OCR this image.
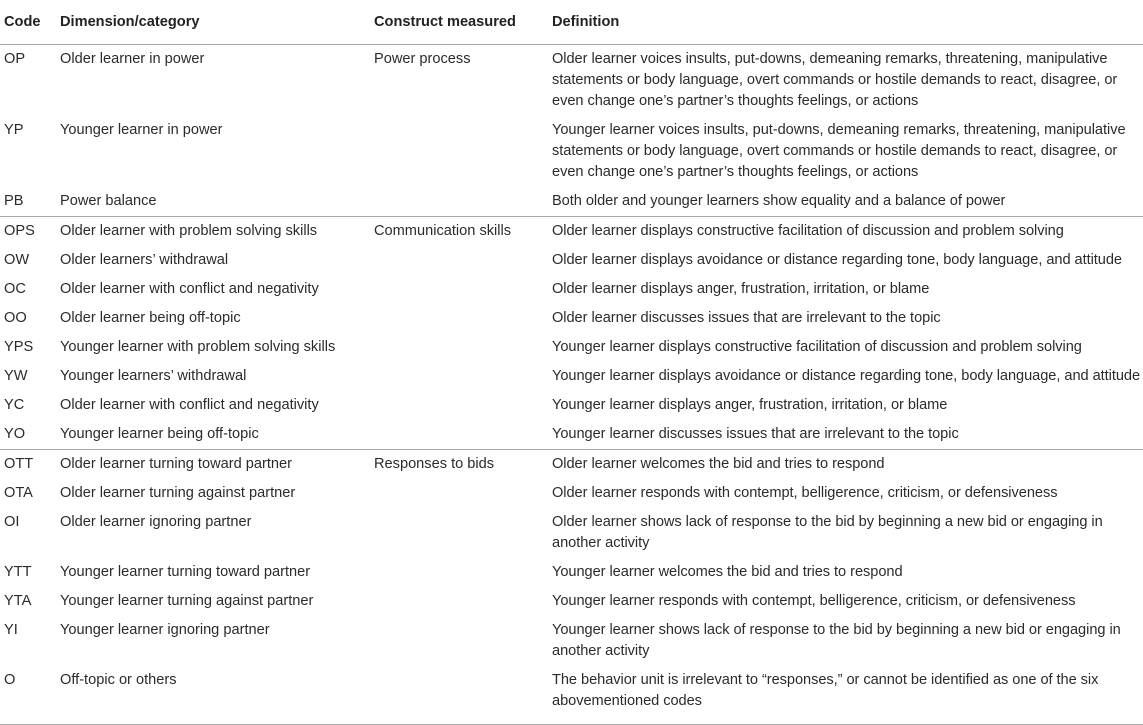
Code	Dimension/category	Construct measured	Definition
OP	Older learner in power	Power process	Older learner voices insults, put-downs, demeaning remarks, threatening, manipulative statements or body language, overt commands or hostile demands to react, disagree, or even change one’s partner’s thoughts feelings, or actions

YP	Younger learner in power		Younger learner voices insults, put-downs, demeaning remarks, threatening, manipulative statements or body language, overt commands or hostile demands to react, disagree, or even change one’s partner’s thoughts feelings, or actions

PB	Power balance		Both older and younger learners show equality and a balance of power

OPS	Older learner with problem solving skills	Communication skills	Older learner displays constructive facilitation of discussion and problem solving

OW	Older learners’ withdrawal		Older learner displays avoidance or distance regarding tone, body language, and attitude

OC	Older learner with conflict and negativity		Older learner displays anger, frustration, irritation, or blame

OO	Older learner being off-topic		Older learner discusses issues that are irrelevant to the topic

YPS	Younger learner with problem solving skills		Younger learner displays constructive facilitation of discussion and problem solving

YW	Younger learners’ withdrawal		Younger learner displays avoidance or distance regarding tone, body language, and attitude

YC	Older learner with conflict and negativity		Younger learner displays anger, frustration, irritation, or blame

YO	Younger learner being off-topic		Younger learner discusses issues that are irrelevant to the topic

OTT	Older learner turning toward partner	Responses to bids	Older learner welcomes the bid and tries to respond

OTA	Older learner turning against partner		Older learner responds with contempt, belligerence, criticism, or defensiveness

OI	Older learner ignoring partner		Older learner shows lack of response to the bid by beginning a new bid or engaging in another activity

YTT	Younger learner turning toward partner		Younger learner welcomes the bid and tries to respond

YTA	Younger learner turning against partner		Younger learner responds with contempt, belligerence, criticism, or defensiveness

YI	Younger learner ignoring partner		Younger learner shows lack of response to the bid by beginning a new bid or engaging in another activity

O	Off-topic or others		The behavior unit is irrelevant to “responses,” or cannot be identified as one of the six abovementioned codes
